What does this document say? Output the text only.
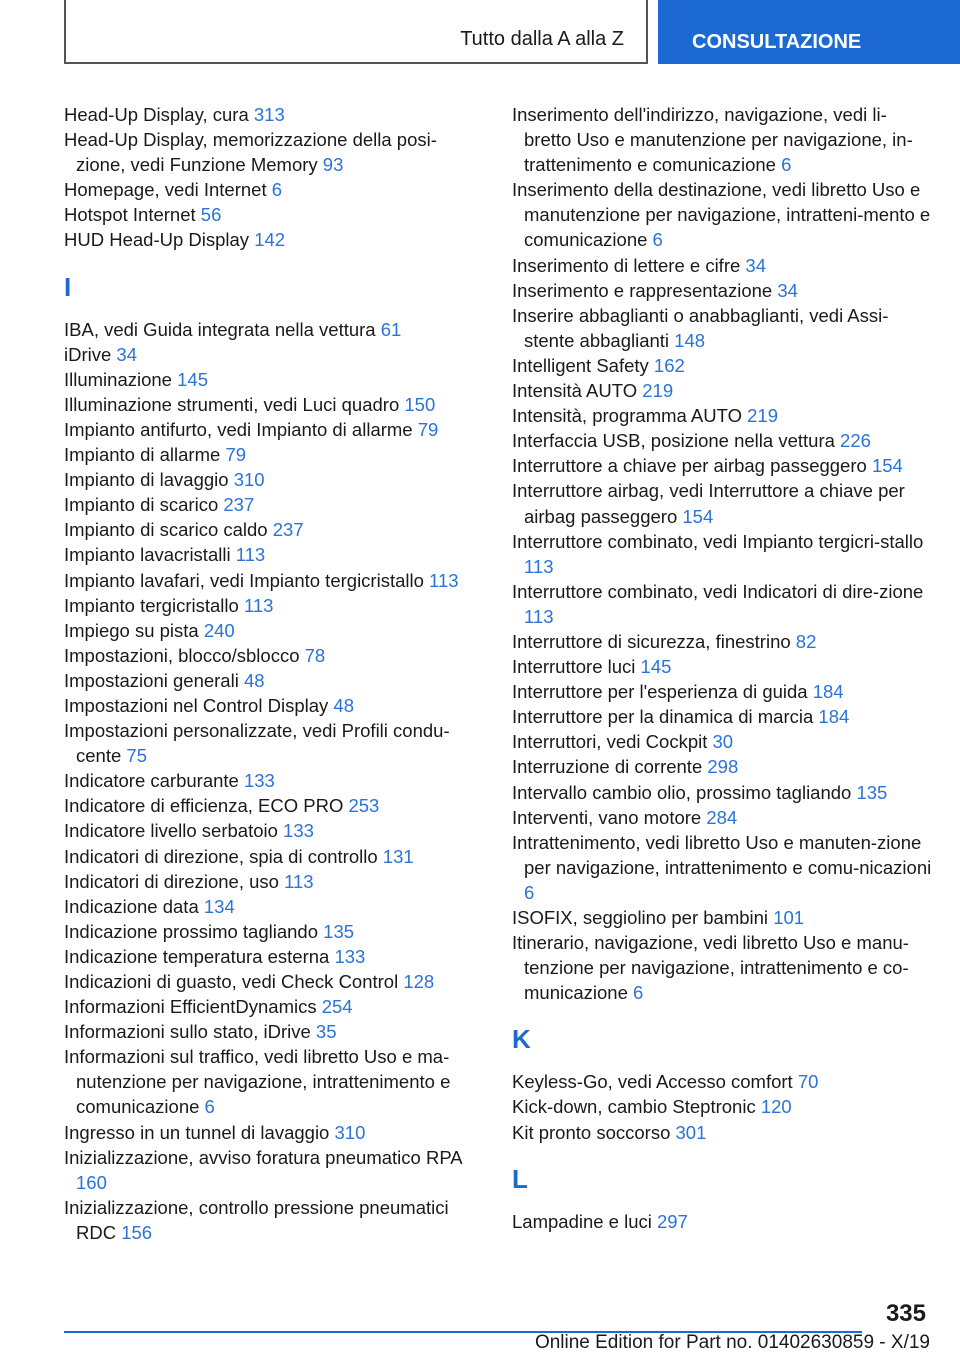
Tutto dalla A alla Z	CONSULTAZIONE
Head-Up Display, cura 313
Head-Up Display, memorizzazione della posi-zione, vedi Funzione Memory 93
Homepage, vedi Internet 6
Hotspot Internet 56
HUD Head-Up Display 142
I
IBA, vedi Guida integrata nella vettura 61
iDrive 34
Illuminazione 145
Illuminazione strumenti, vedi Luci quadro 150
Impianto antifurto, vedi Impianto di allarme 79
Impianto di allarme 79
Impianto di lavaggio 310
Impianto di scarico 237
Impianto di scarico caldo 237
Impianto lavacristalli 113
Impianto lavafari, vedi Impianto tergicristallo 113
Impianto tergicristallo 113
Impiego su pista 240
Impostazioni, blocco/sblocco 78
Impostazioni generali 48
Impostazioni nel Control Display 48
Impostazioni personalizzate, vedi Profili condu-cente 75
Indicatore carburante 133
Indicatore di efficienza, ECO PRO 253
Indicatore livello serbatoio 133
Indicatori di direzione, spia di controllo 131
Indicatori di direzione, uso 113
Indicazione data 134
Indicazione prossimo tagliando 135
Indicazione temperatura esterna 133
Indicazioni di guasto, vedi Check Control 128
Informazioni EfficientDynamics 254
Informazioni sullo stato, iDrive 35
Informazioni sul traffico, vedi libretto Uso e ma-nutenzione per navigazione, intrattenimento e comunicazione 6
Ingresso in un tunnel di lavaggio 310
Inizializzazione, avviso foratura pneumatico RPA 160
Inizializzazione, controllo pressione pneumatici RDC 156
Inserimento dell'indirizzo, navigazione, vedi li-bretto Uso e manutenzione per navigazione, in-trattenimento e comunicazione 6
Inserimento della destinazione, vedi libretto Uso e manutenzione per navigazione, intratteni-mento e comunicazione 6
Inserimento di lettere e cifre 34
Inserimento e rappresentazione 34
Inserire abbaglianti o anabbaglianti, vedi Assi-stente abbaglianti 148
Intelligent Safety 162
Intensità AUTO 219
Intensità, programma AUTO 219
Interfaccia USB, posizione nella vettura 226
Interruttore a chiave per airbag passeggero 154
Interruttore airbag, vedi Interruttore a chiave per airbag passeggero 154
Interruttore combinato, vedi Impianto tergicri-stallo 113
Interruttore combinato, vedi Indicatori di dire-zione 113
Interruttore di sicurezza, finestrino 82
Interruttore luci 145
Interruttore per l'esperienza di guida 184
Interruttore per la dinamica di marcia 184
Interruttori, vedi Cockpit 30
Interruzione di corrente 298
Intervallo cambio olio, prossimo tagliando 135
Interventi, vano motore 284
Intrattenimento, vedi libretto Uso e manuten-zione per navigazione, intrattenimento e comu-nicazioni 6
ISOFIX, seggiolino per bambini 101
Itinerario, navigazione, vedi libretto Uso e manu-tenzione per navigazione, intrattenimento e co-municazione 6
K
Keyless-Go, vedi Accesso comfort 70
Kick-down, cambio Steptronic 120
Kit pronto soccorso 301
L
Lampadine e luci 297
335
Online Edition for Part no. 01402630859 - X/19
